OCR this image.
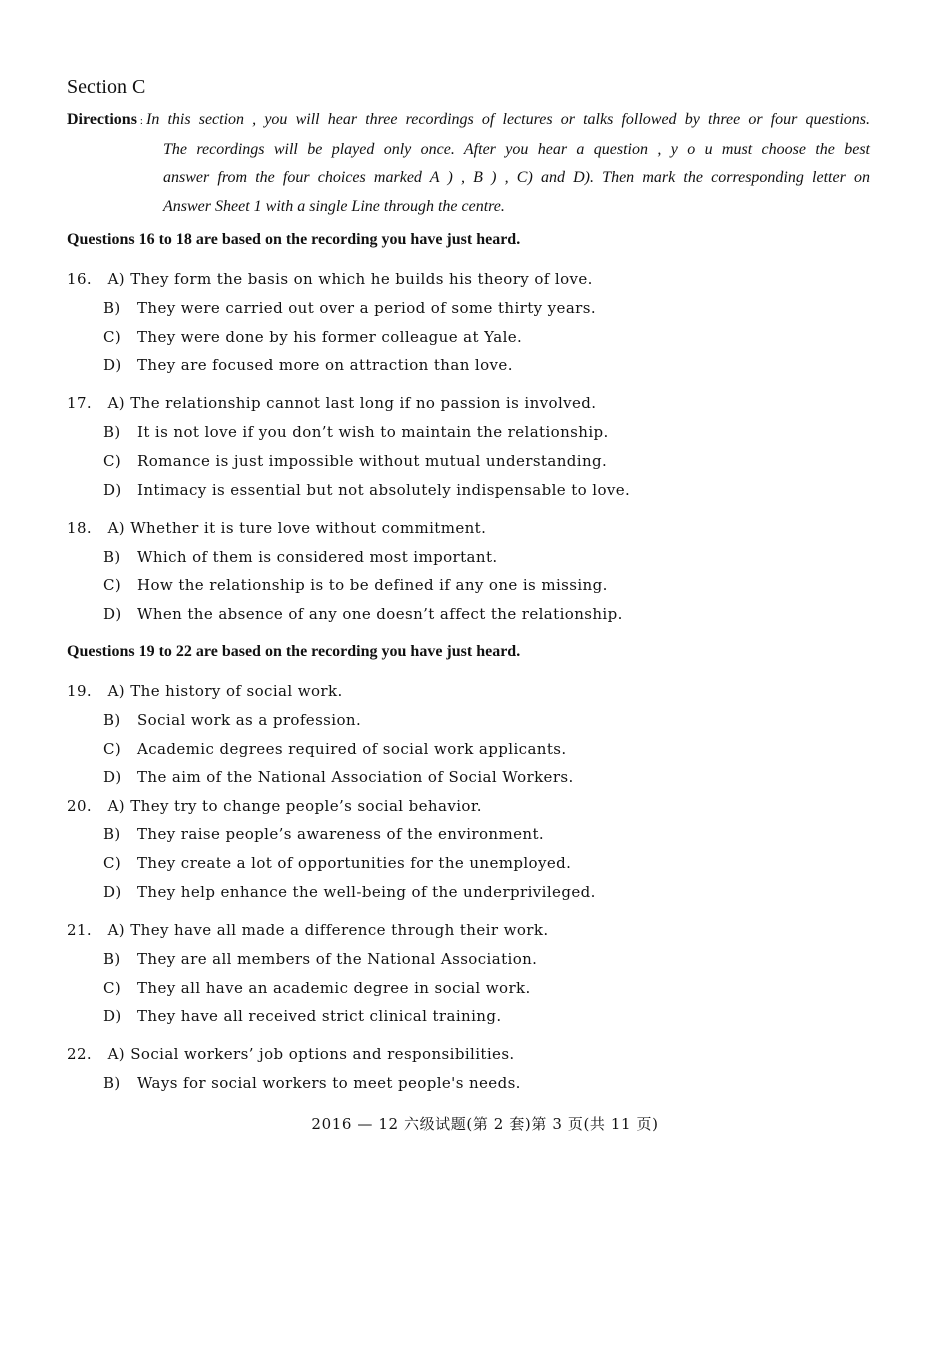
Section C
Directions : In this section , you will hear three recordings of lectures or talks followed by three or four questions.
The recordings will be played only once. After you hear a question , y o u must choose the best
answer from the four choices marked A ) , B ) , C) and D). Then mark the corresponding letter on
Answer Sheet 1 with a single Line through the centre.
Questions 16 to 18 are based on the recording you have just heard.
16. A) They form the basis on which he builds his theory of love.
B) They were carried out over a period of some thirty years.
C) They were done by his former colleague at Yale.
D) They are focused more on attraction than love.
17. A) The relationship cannot last long if no passion is involved.
B) It is not love if you don’t wish to maintain the relationship.
C) Romance is just impossible without mutual understanding.
D) Intimacy is essential but not absolutely indispensable to love.
18. A) Whether it is ture love without commitment.
B) Which of them is considered most important.
C) How the relationship is to be defined if any one is missing.
D) When the absence of any one doesn’t affect the relationship.
Questions 19 to 22 are based on the recording you have just heard.
19. A) The history of social work.
B) Social work as a profession.
C) Academic degrees required of social work applicants.
D) The aim of the National Association of Social Workers.
20. A) They try to change people’s social behavior.
B) They raise people’s awareness of the environment.
C) They create a lot of opportunities for the unemployed.
D) They help enhance the well-being of the underprivileged.
21. A) They have all made a difference through their work.
B) They are all members of the National Association.
C) They all have an academic degree in social work.
D) They have all received strict clinical training.
22. A) Social workers’ job options and responsibilities.
B) Ways for social workers to meet people's needs.
2016 — 12 六级试题(第 2 套)第 3 页(共 11 页)
